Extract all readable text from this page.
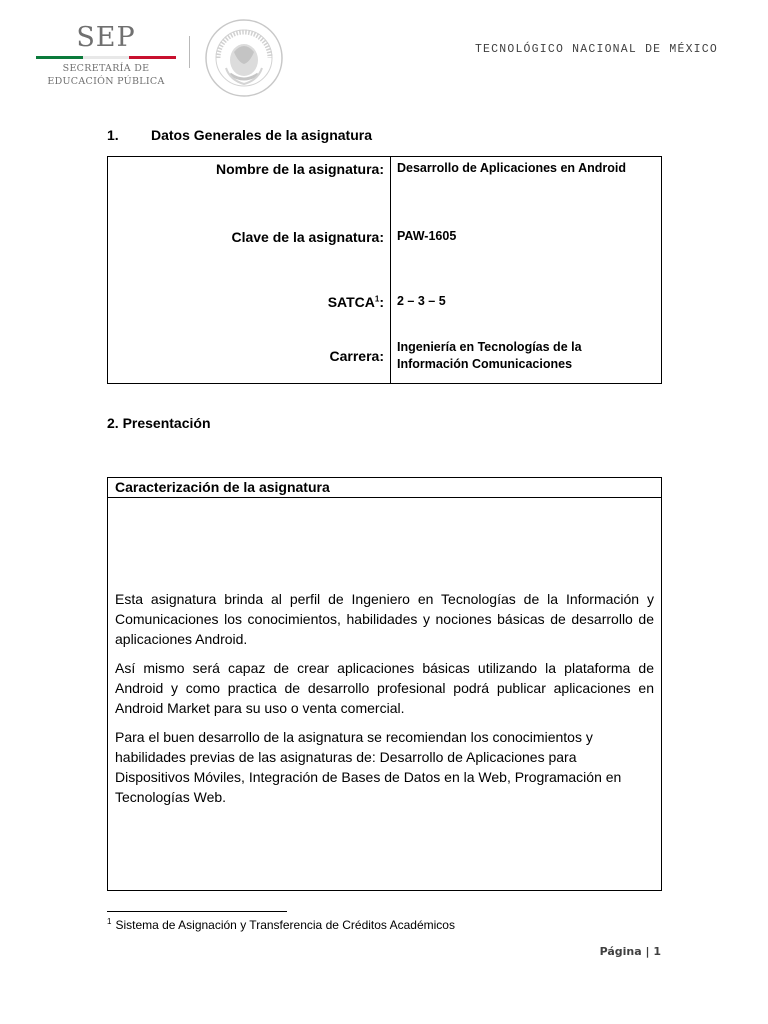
SEP
SECRETARÍA DE
EDUCACIÓN PÚBLICA
TECNOLÓGICO NACIONAL DE MÉXICO
1. Datos Generales de la asignatura
Nombre de la asignatura:	Desarrollo de Aplicaciones en Android

Clave de la asignatura:	PAW-1605

SATCA$^1$:	2 – 3 – 5

Carrera:	Ingeniería en Tecnologías de la
Información Comunicaciones
2. Presentación
Caracterización de la asignatura

Esta asignatura brinda al perfil de Ingeniero en Tecnologías de la Información y Comunicaciones los conocimientos, habilidades y nociones básicas de desarrollo de aplicaciones Android.

Así mismo será capaz de crear aplicaciones básicas utilizando la plataforma de Android y como practica de desarrollo profesional podrá publicar aplicaciones en Android Market para su uso o venta comercial.

Para el buen desarrollo de la asignatura se recomiendan los conocimientos y habilidades previas de las asignaturas de: Desarrollo de Aplicaciones para Dispositivos Móviles, Integración de Bases de Datos en la Web, Programación en Tecnologías Web.

$^1$ Sistema de Asignación y Transferencia de Créditos Académicos
Página | 1
